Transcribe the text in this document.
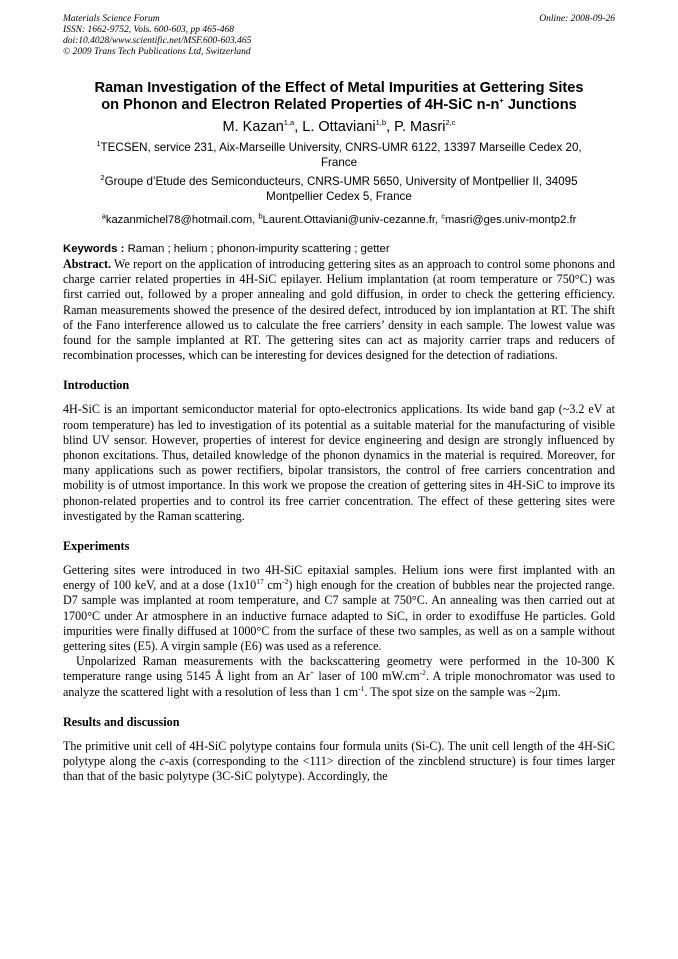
Materials Science Forum
ISSN: 1662-9752, Vols. 600-603, pp 465-468
doi:10.4028/www.scientific.net/MSF.600-603.465
© 2009 Trans Tech Publications Ltd, Switzerland
Online: 2008-09-26
Raman Investigation of the Effect of Metal Impurities at Gettering Sites
on Phonon and Electron Related Properties of 4H-SiC n-n+ Junctions
M. Kazan$^{1,a}$, L. Ottaviani$^{1,b}$, P. Masri$^{2,c}$
$^1$TECSEN, service 231, Aix-Marseille University, CNRS-UMR 6122, 13397 Marseille Cedex 20,
France
$^2$Groupe d’Etude des Semiconducteurs, CNRS-UMR 5650, University of Montpellier II, 34095
Montpellier Cedex 5, France
$^a$kazanmichel78@hotmail.com, $^b$Laurent.Ottaviani@univ-cezanne.fr, $^c$masri@ges.univ-montp2.fr
Keywords : Raman ; helium ; phonon-impurity scattering ; getter

Abstract. We report on the application of introducing gettering sites as an approach to control some phonons and charge carrier related properties in 4H-SiC epilayer. Helium implantation (at room temperature or 750°C) was first carried out, followed by a proper annealing and gold diffusion, in order to check the gettering efficiency. Raman measurements showed the presence of the desired defect, introduced by ion implantation at RT. The shift of the Fano interference allowed us to calculate the free carriers’ density in each sample. The lowest value was found for the sample implanted at RT. The gettering sites can act as majority carrier traps and reducers of recombination processes, which can be interesting for devices designed for the detection of radiations.

Introduction

4H-SiC is an important semiconductor material for opto-electronics applications. Its wide band gap (~3.2 eV at room temperature) has led to investigation of its potential as a suitable material for the manufacturing of visible blind UV sensor. However, properties of interest for device engineering and design are strongly influenced by phonon excitations. Thus, detailed knowledge of the phonon dynamics in the material is required. Moreover, for many applications such as power rectifiers, bipolar transistors, the control of free carriers concentration and mobility is of utmost importance. In this work we propose the creation of gettering sites in 4H-SiC to improve its phonon-related properties and to control its free carrier concentration. The effect of these gettering sites were investigated by the Raman scattering.

Experiments

Gettering sites were introduced in two 4H-SiC epitaxial samples. Helium ions were first implanted with an energy of 100 keV, and at a dose ($1x10^{17}$ $cm^{-2}$) high enough for the creation of bubbles near the projected range. D7 sample was implanted at room temperature, and C7 sample at 750°C. An annealing was then carried out at 1700°C under Ar atmosphere in an inductive furnace adapted to SiC, in order to exodiffuse He particles. Gold impurities were finally diffused at 1000°C from the surface of these two samples, as well as on a sample without gettering sites (E5). A virgin sample (E6) was used as a reference.

Unpolarized Raman measurements with the backscattering geometry were performed in the 10-300 K temperature range using 5145 Å light from an Ar+ laser of 100 $mW.cm^{-2}$. A triple monochromator was used to analyze the scattered light with a resolution of less than 1 $cm^{-1}$. The spot size on the sample was ~2μm.

Results and discussion

The primitive unit cell of 4H-SiC polytype contains four formula units (Si-C). The unit cell length of the 4H-SiC polytype along the c-axis (corresponding to the <111> direction of the zincblend structure) is four times larger than that of the basic polytype (3C-SiC polytype). Accordingly, the
